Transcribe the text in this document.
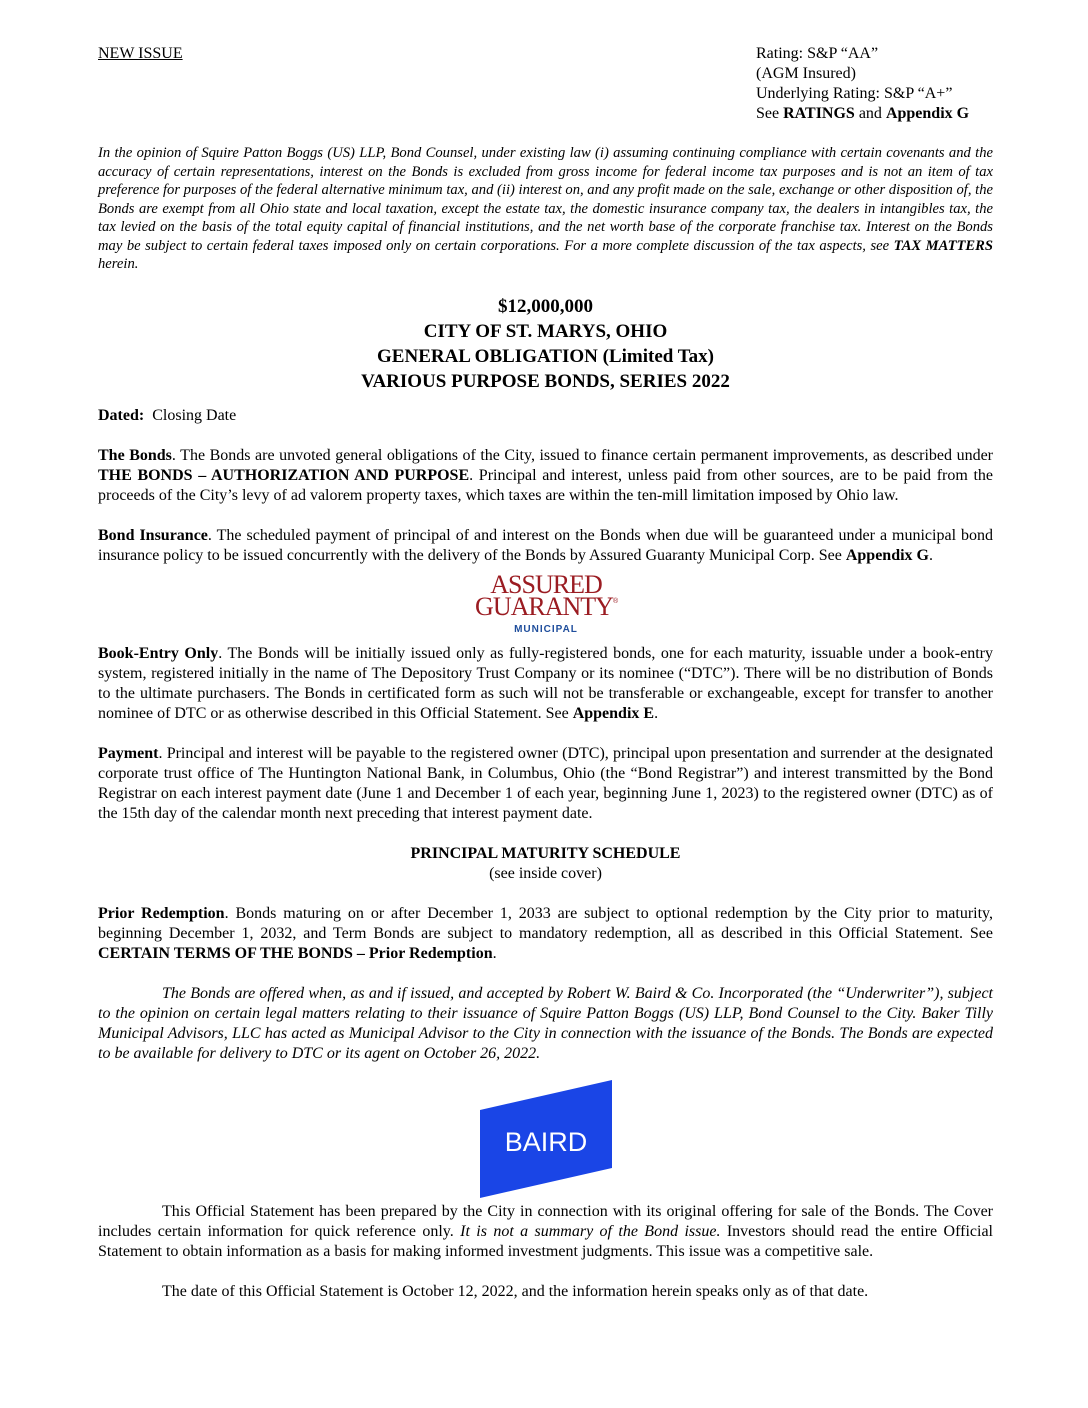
NEW ISSUE	Rating: S&P “AA”
(AGM Insured)
Underlying Rating: S&P “A+”
See RATINGS and Appendix G

In the opinion of Squire Patton Boggs (US) LLP, Bond Counsel, under existing law (i) assuming continuing compliance with certain covenants and the accuracy of certain representations, interest on the Bonds is excluded from gross income for federal income tax purposes and is not an item of tax preference for purposes of the federal alternative minimum tax, and (ii) interest on, and any profit made on the sale, exchange or other disposition of, the Bonds are exempt from all Ohio state and local taxation, except the estate tax, the domestic insurance company tax, the dealers in intangibles tax, the tax levied on the basis of the total equity capital of financial institutions, and the net worth base of the corporate franchise tax. Interest on the Bonds may be subject to certain federal taxes imposed only on certain corporations. For a more complete discussion of the tax aspects, see TAX MATTERS herein.

$12,000,000
CITY OF ST. MARYS, OHIO
GENERAL OBLIGATION (Limited Tax)
VARIOUS PURPOSE BONDS, SERIES 2022

Dated:  Closing Date

The Bonds. The Bonds are unvoted general obligations of the City, issued to finance certain permanent improvements, as described under THE BONDS – AUTHORIZATION AND PURPOSE. Principal and interest, unless paid from other sources, are to be paid from the proceeds of the City’s levy of ad valorem property taxes, which taxes are within the ten-mill limitation imposed by Ohio law.

Bond Insurance. The scheduled payment of principal of and interest on the Bonds when due will be guaranteed under a municipal bond insurance policy to be issued concurrently with the delivery of the Bonds by Assured Guaranty Municipal Corp. See Appendix G.

ASSURED
GUARANTY ®
MUNICIPAL

Book-Entry Only. The Bonds will be initially issued only as fully-registered bonds, one for each maturity, issuable under a book-entry system, registered initially in the name of The Depository Trust Company or its nominee (“DTC”). There will be no distribution of Bonds to the ultimate purchasers. The Bonds in certificated form as such will not be transferable or exchangeable, except for transfer to another nominee of DTC or as otherwise described in this Official Statement. See Appendix E.

Payment. Principal and interest will be payable to the registered owner (DTC), principal upon presentation and surrender at the designated corporate trust office of The Huntington National Bank, in Columbus, Ohio (the “Bond Registrar”) and interest transmitted by the Bond Registrar on each interest payment date (June 1 and December 1 of each year, beginning June 1, 2023) to the registered owner (DTC) as of the 15th day of the calendar month next preceding that interest payment date.

PRINCIPAL MATURITY SCHEDULE
(see inside cover)

Prior Redemption. Bonds maturing on or after December 1, 2033 are subject to optional redemption by the City prior to maturity, beginning December 1, 2032, and Term Bonds are subject to mandatory redemption, all as described in this Official Statement. See CERTAIN TERMS OF THE BONDS – Prior Redemption.

The Bonds are offered when, as and if issued, and accepted by Robert W. Baird & Co. Incorporated (the “Underwriter”), subject to the opinion on certain legal matters relating to their issuance of Squire Patton Boggs (US) LLP, Bond Counsel to the City. Baker Tilly Municipal Advisors, LLC has acted as Municipal Advisor to the City in connection with the issuance of the Bonds. The Bonds are expected to be available for delivery to DTC or its agent on October 26, 2022.

BAIRD

This Official Statement has been prepared by the City in connection with its original offering for sale of the Bonds. The Cover includes certain information for quick reference only. It is not a summary of the Bond issue. Investors should read the entire Official Statement to obtain information as a basis for making informed investment judgments. This issue was a competitive sale.

The date of this Official Statement is October 12, 2022, and the information herein speaks only as of that date.
